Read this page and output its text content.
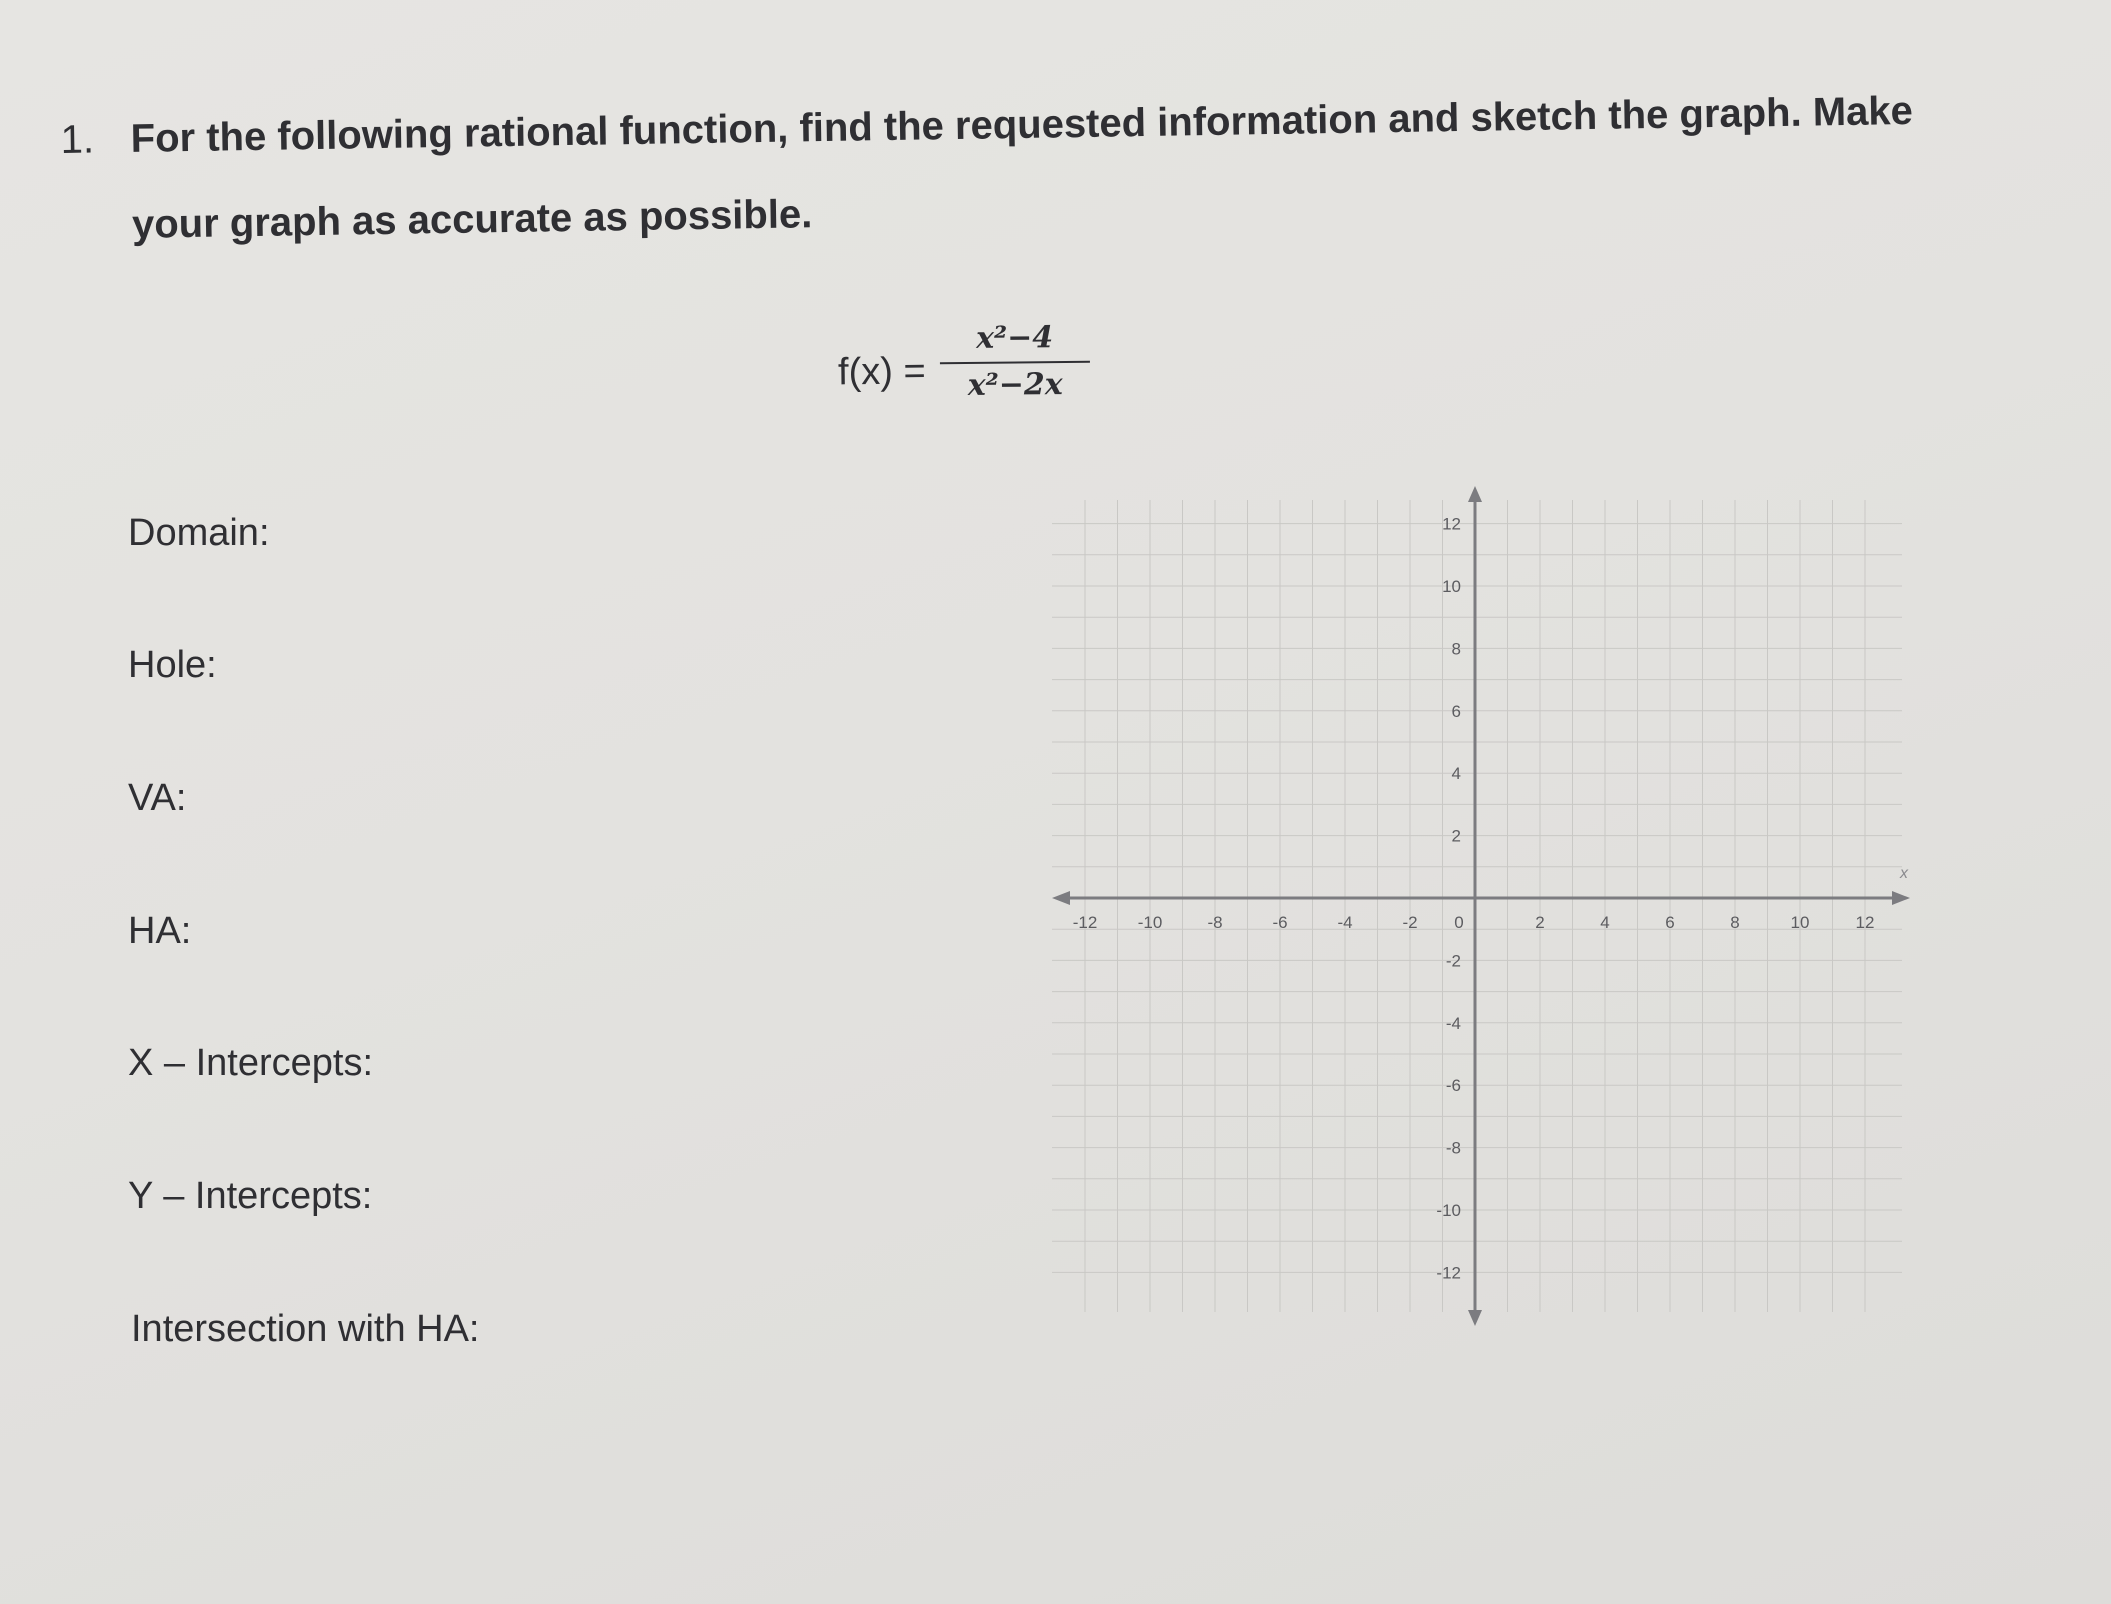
1. For the following rational function, find the requested information and sketch the graph. Make
your graph as accurate as possible.
f(x) =
x²−4
x²−2x
Domain:
Hole:
VA:
HA:
X – Intercepts:
Y – Intercepts:
Intersection with HA:
-12 -10	-8	-6	-4	-2 0	2	4	6	8	10	12
12
10
8
6
4
2
-2
-4
-6
-8
-10
-12
x
